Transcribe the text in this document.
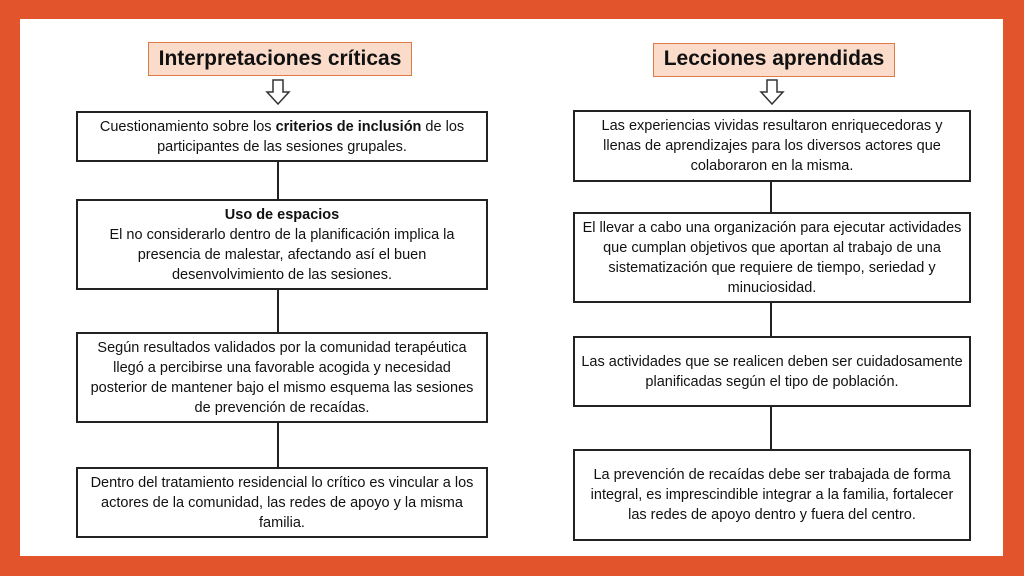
Interpretaciones críticas
Cuestionamiento sobre los criterios de inclusión de los participantes de las sesiones grupales.
Uso de espacios
El no considerarlo dentro de la planificación implica la presencia de malestar, afectando así el buen desenvolvimiento de las sesiones.
Según resultados validados por la comunidad terapéutica llegó a percibirse una favorable acogida y necesidad posterior de mantener bajo el mismo esquema las sesiones de prevención de recaídas.
Dentro del tratamiento residencial lo crítico es vincular a los actores de la comunidad, las redes de apoyo y la misma familia.
Lecciones aprendidas
Las experiencias vividas resultaron enriquecedoras y llenas de aprendizajes para los diversos actores que colaboraron en la misma.
El llevar a cabo una organización para ejecutar actividades que cumplan objetivos que aportan al trabajo de una sistematización que requiere de tiempo, seriedad y minuciosidad.
Las actividades que se realicen deben ser cuidadosamente planificadas según el tipo de población.
La prevención de recaídas debe ser trabajada de forma integral, es imprescindible integrar a la familia, fortalecer las redes de apoyo dentro y fuera del centro.
